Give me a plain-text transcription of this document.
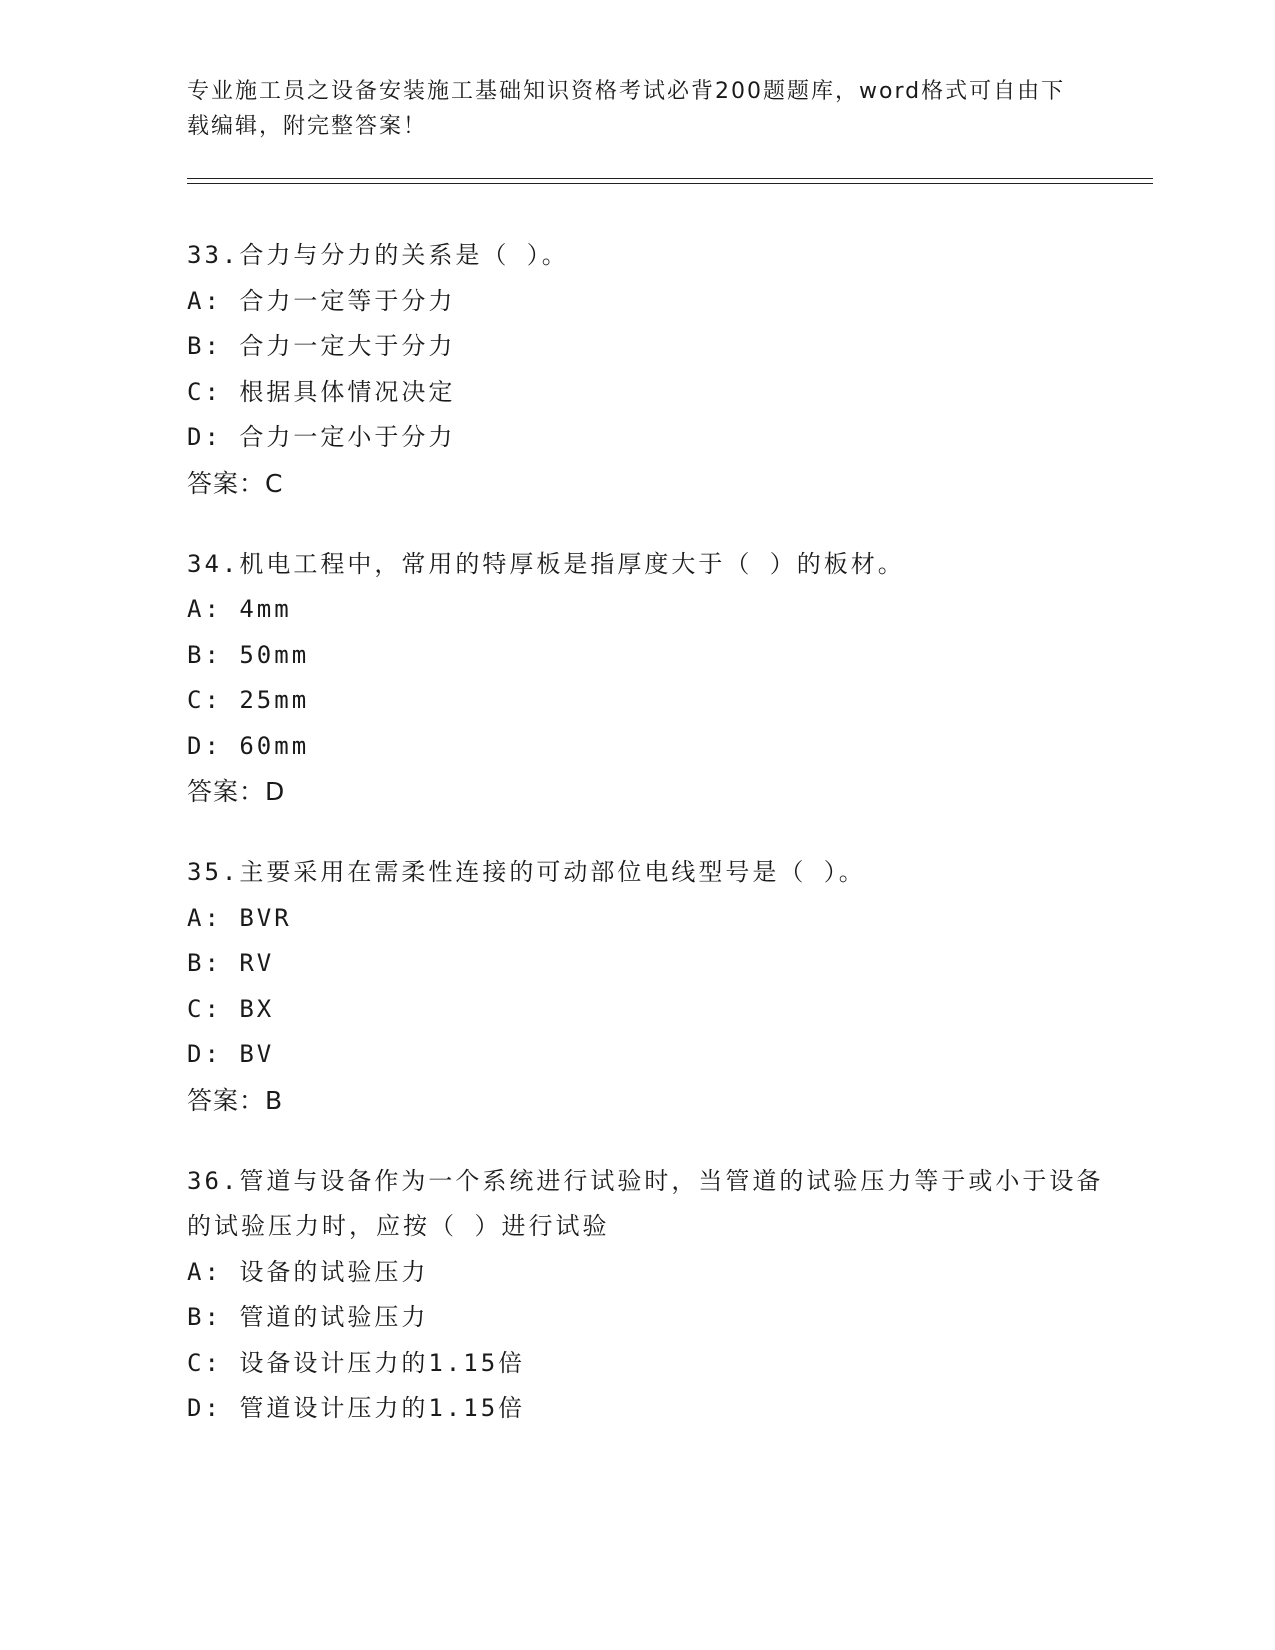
专业施工员之设备安装施工基础知识资格考试必背200题题库，word格式可自由下载编辑，附完整答案！

33.合力与分力的关系是（ ）。

A: 合力一定等于分力

B: 合力一定大于分力

C: 根据具体情况决定

D: 合力一定小于分力

答案：C

34.机电工程中，常用的特厚板是指厚度大于（ ）的板材。

A: 4mm

B: 50mm

C: 25mm

D: 60mm

答案：D

35.主要采用在需柔性连接的可动部位电线型号是（ ）。

A: BVR

B: RV

C: BX

D: BV

答案：B

36.管道与设备作为一个系统进行试验时，当管道的试验压力等于或小于设备的试验压力时，应按（ ）进行试验

A: 设备的试验压力

B: 管道的试验压力

C: 设备设计压力的1.15倍

D: 管道设计压力的1.15倍
